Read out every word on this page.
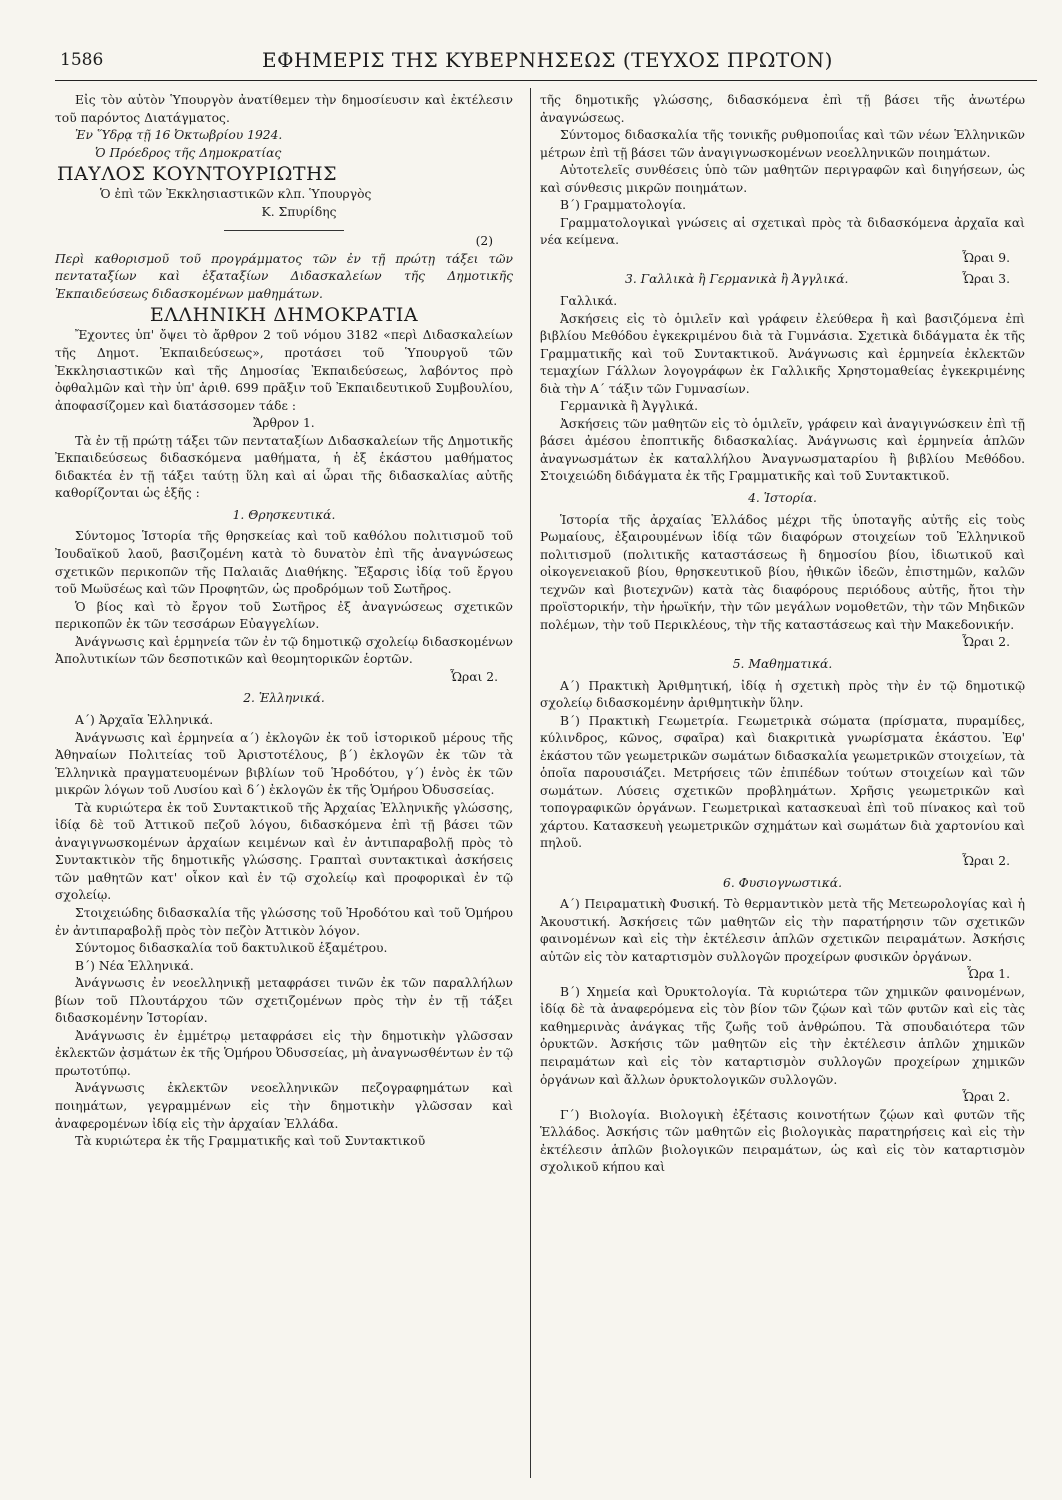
1586	ΕΦΗΜΕΡΙΣ ΤΗΣ ΚΥΒΕΡΝΗΣΕΩΣ (ΤΕΥΧΟΣ ΠΡΩΤΟΝ)

Εἰς τὸν αὐτὸν Ὑπουργὸν ἀνατίθεμεν τὴν δημοσίευσιν καὶ ἐκτέλεσιν τοῦ παρόντος Διατάγματος.

Ἐν Ὕδρᾳ τῇ 16 Ὀκτωβρίου 1924.

Ὁ Πρόεδρος τῆς Δημοκρατίας

ΠΑΥΛΟΣ ΚΟΥΝΤΟΥΡΙΩΤΗΣ

Ὁ ἐπὶ τῶν Ἐκκλησιαστικῶν κλπ. Ὑπουργὸς

Κ. Σπυρίδης

(2)

Περὶ καθορισμοῦ τοῦ προγράμματος τῶν ἐν τῇ πρώτῃ τάξει τῶν πενταταξίων καὶ ἑξαταξίων Διδασκαλείων τῆς Δημοτικῆς Ἐκπαιδεύσεως διδασκομένων μαθημάτων.

ΕΛΛΗΝΙΚΗ ΔΗΜΟΚΡΑΤΙΑ

Ἔχοντες ὑπ' ὄψει τὸ ἄρθρον 2 τοῦ νόμου 3182 «περὶ Διδασκαλείων τῆς Δημοτ. Ἐκπαιδεύσεως», προτάσει τοῦ Ὑπουργοῦ τῶν Ἐκκλησιαστικῶν καὶ τῆς Δημοσίας Ἐκπαιδεύσεως, λαβόντος πρὸ ὀφθαλμῶν καὶ τὴν ὑπ' ἀριθ. 699 πρᾶξιν τοῦ Ἐκπαιδευτικοῦ Συμβουλίου, ἀποφασίζομεν καὶ διατάσσομεν τάδε :

Ἄρθρον 1.

Τὰ ἐν τῇ πρώτῃ τάξει τῶν πενταταξίων Διδασκαλείων τῆς Δημοτικῆς Ἐκπαιδεύσεως διδασκόμενα μαθήματα, ἡ ἐξ ἑκάστου μαθήματος διδακτέα ἐν τῇ τάξει ταύτῃ ὕλη καὶ αἱ ὧραι τῆς διδασκαλίας αὐτῆς καθορίζονται ὡς ἑξῆς :

1. Θρησκευτικά.

Σύντομος Ἱστορία τῆς θρησκείας καὶ τοῦ καθόλου πολιτισμοῦ τοῦ Ἰουδαϊκοῦ λαοῦ, βασιζομένη κατὰ τὸ δυνατὸν ἐπὶ τῆς ἀναγνώσεως σχετικῶν περικοπῶν τῆς Παλαιᾶς Διαθήκης. Ἔξαρσις ἰδίᾳ τοῦ ἔργου τοῦ Μωϋσέως καὶ τῶν Προφητῶν, ὡς προδρόμων τοῦ Σωτῆρος.

Ὁ βίος καὶ τὸ ἔργον τοῦ Σωτῆρος ἐξ ἀναγνώσεως σχετικῶν περικοπῶν ἐκ τῶν τεσσάρων Εὐαγγελίων.

Ἀνάγνωσις καὶ ἑρμηνεία τῶν ἐν τῷ δημοτικῷ σχολείῳ διδασκομένων Ἀπολυτικίων τῶν δεσποτικῶν καὶ θεομητορικῶν ἑορτῶν.

Ὧραι 2.

2. Ἑλληνικά.

Α΄) Ἀρχαῖα Ἑλληνικά.

Ἀνάγνωσις καὶ ἑρμηνεία α΄) ἐκλογῶν ἐκ τοῦ ἱστορικοῦ μέρους τῆς Ἀθηναίων Πολιτείας τοῦ Ἀριστοτέλους, β΄) ἐκλογῶν ἐκ τῶν τὰ Ἑλληνικὰ πραγματευομένων βιβλίων τοῦ Ἡροδότου, γ΄) ἑνὸς ἐκ τῶν μικρῶν λόγων τοῦ Λυσίου καὶ δ΄) ἐκλογῶν ἐκ τῆς Ὁμήρου Ὀδυσσείας.

Τὰ κυριώτερα ἐκ τοῦ Συντακτικοῦ τῆς Ἀρχαίας Ἑλληνικῆς γλώσσης, ἰδίᾳ δὲ τοῦ Ἀττικοῦ πεζοῦ λόγου, διδασκόμενα ἐπὶ τῇ βάσει τῶν ἀναγιγνωσκομένων ἀρχαίων κειμένων καὶ ἐν ἀντιπαραβολῇ πρὸς τὸ Συντακτικὸν τῆς δημοτικῆς γλώσσης. Γραπταὶ συντακτικαὶ ἀσκήσεις τῶν μαθητῶν κατ' οἶκον καὶ ἐν τῷ σχολείῳ καὶ προφορικαὶ ἐν τῷ σχολείῳ.

Στοιχειώδης διδασκαλία τῆς γλώσσης τοῦ Ἡροδότου καὶ τοῦ Ὁμήρου ἐν ἀντιπαραβολῇ πρὸς τὸν πεζὸν Ἀττικὸν λόγον.

Σύντομος διδασκαλία τοῦ δακτυλικοῦ ἑξαμέτρου.

Β΄) Νέα Ἑλληνικά.

Ἀνάγνωσις ἐν νεοελληνικῇ μεταφράσει τινῶν ἐκ τῶν παραλλήλων βίων τοῦ Πλουτάρχου τῶν σχετιζομένων πρὸς τὴν ἐν τῇ τάξει διδασκομένην Ἱστορίαν.

Ἀνάγνωσις ἐν ἐμμέτρῳ μεταφράσει εἰς τὴν δημοτικὴν γλῶσσαν ἐκλεκτῶν ᾀσμάτων ἐκ τῆς Ὁμήρου Ὀδυσσείας, μὴ ἀναγνωσθέντων ἐν τῷ πρωτοτύπῳ.

Ἀνάγνωσις ἐκλεκτῶν νεοελληνικῶν πεζογραφημάτων καὶ ποιημάτων, γεγραμμένων εἰς τὴν δημοτικὴν γλῶσσαν καὶ ἀναφερομένων ἰδίᾳ εἰς τὴν ἀρχαίαν Ἑλλάδα.

Τὰ κυριώτερα ἐκ τῆς Γραμματικῆς καὶ τοῦ Συντακτικοῦ

τῆς δημοτικῆς γλώσσης, διδασκόμενα ἐπὶ τῇ βάσει τῆς ἀνωτέρω ἀναγνώσεως.

Σύντομος διδασκαλία τῆς τονικῆς ρυθμοποιΐας καὶ τῶν νέων Ἑλληνικῶν μέτρων ἐπὶ τῇ βάσει τῶν ἀναγιγνωσκομένων νεοελληνικῶν ποιημάτων.

Αὐτοτελεῖς συνθέσεις ὑπὸ τῶν μαθητῶν περιγραφῶν καὶ διηγήσεων, ὡς καὶ σύνθεσις μικρῶν ποιημάτων.

Β΄) Γραμματολογία.

Γραμματολογικαὶ γνώσεις αἱ σχετικαὶ πρὸς τὰ διδασκόμενα ἀρχαῖα καὶ νέα κείμενα.

Ὧραι 9.

3. Γαλλικὰ ἢ Γερμανικὰ ἢ Ἀγγλικά.	Ὧραι 3.

Γαλλικά.

Ἀσκήσεις εἰς τὸ ὁμιλεῖν καὶ γράφειν ἐλεύθερα ἢ καὶ βασιζόμενα ἐπὶ βιβλίου Μεθόδου ἐγκεκριμένου διὰ τὰ Γυμνάσια. Σχετικὰ διδάγματα ἐκ τῆς Γραμματικῆς καὶ τοῦ Συντακτικοῦ. Ἀνάγνωσις καὶ ἑρμηνεία ἐκλεκτῶν τεμαχίων Γάλλων λογογράφων ἐκ Γαλλικῆς Χρηστομαθείας ἐγκεκριμένης διὰ τὴν Α΄ τάξιν τῶν Γυμνασίων.

Γερμανικὰ ἢ Ἀγγλικά.

Ἀσκήσεις τῶν μαθητῶν εἰς τὸ ὁμιλεῖν, γράφειν καὶ ἀναγιγνώσκειν ἐπὶ τῇ βάσει ἀμέσου ἐποπτικῆς διδασκαλίας. Ἀνάγνωσις καὶ ἑρμηνεία ἁπλῶν ἀναγνωσμάτων ἐκ καταλλήλου Ἀναγνωσματαρίου ἢ βιβλίου Μεθόδου. Στοιχειώδη διδάγματα ἐκ τῆς Γραμματικῆς καὶ τοῦ Συντακτικοῦ.

4. Ἱστορία.

Ἱστορία τῆς ἀρχαίας Ἑλλάδος μέχρι τῆς ὑποταγῆς αὐτῆς εἰς τοὺς Ρωμαίους, ἐξαιρουμένων ἰδίᾳ τῶν διαφόρων στοιχείων τοῦ Ἑλληνικοῦ πολιτισμοῦ (πολιτικῆς καταστάσεως ἢ δημοσίου βίου, ἰδιωτικοῦ καὶ οἰκογενειακοῦ βίου, θρησκευτικοῦ βίου, ἠθικῶν ἰδεῶν, ἐπιστημῶν, καλῶν τεχνῶν καὶ βιοτεχνῶν) κατὰ τὰς διαφόρους περιόδους αὐτῆς, ἤτοι τὴν προϊστορικήν, τὴν ἡρωϊκήν, τὴν τῶν μεγάλων νομοθετῶν, τὴν τῶν Μηδικῶν πολέμων, τὴν τοῦ Περικλέους, τὴν τῆς καταστάσεως καὶ τὴν Μακεδονικήν.

Ὧραι 2.

5. Μαθηματικά.

Α΄) Πρακτικὴ Ἀριθμητική, ἰδίᾳ ἡ σχετικὴ πρὸς τὴν ἐν τῷ δημοτικῷ σχολείῳ διδασκομένην ἀριθμητικὴν ὕλην.

Β΄) Πρακτικὴ Γεωμετρία. Γεωμετρικὰ σώματα (πρίσματα, πυραμίδες, κύλινδρος, κῶνος, σφαῖρα) καὶ διακριτικὰ γνωρίσματα ἑκάστου. Ἐφ' ἑκάστου τῶν γεωμετρικῶν σωμάτων διδασκαλία γεωμετρικῶν στοιχείων, τὰ ὁποῖα παρουσιάζει. Μετρήσεις τῶν ἐπιπέδων τούτων στοιχείων καὶ τῶν σωμάτων. Λύσεις σχετικῶν προβλημάτων. Χρῆσις γεωμετρικῶν καὶ τοπογραφικῶν ὀργάνων. Γεωμετρικαὶ κατασκευαὶ ἐπὶ τοῦ πίνακος καὶ τοῦ χάρτου. Κατασκευὴ γεωμετρικῶν σχημάτων καὶ σωμάτων διὰ χαρτονίου καὶ πηλοῦ.

Ὧραι 2.

6. Φυσιογνωστικά.

Α΄) Πειραματικὴ Φυσική. Τὸ θερμαντικὸν μετὰ τῆς Μετεωρολογίας καὶ ἡ Ἀκουστική. Ἀσκήσεις τῶν μαθητῶν εἰς τὴν παρατήρησιν τῶν σχετικῶν φαινομένων καὶ εἰς τὴν ἐκτέλεσιν ἁπλῶν σχετικῶν πειραμάτων. Ἀσκήσις αὐτῶν εἰς τὸν καταρτισμὸν συλλογῶν προχείρων φυσικῶν ὀργάνων.

Ὧρα 1.

Β΄) Χημεία καὶ Ὀρυκτολογία. Τὰ κυριώτερα τῶν χημικῶν φαινομένων, ἰδίᾳ δὲ τὰ ἀναφερόμενα εἰς τὸν βίον τῶν ζῴων καὶ τῶν φυτῶν καὶ εἰς τὰς καθημερινὰς ἀνάγκας τῆς ζωῆς τοῦ ἀνθρώπου. Τὰ σπουδαιότερα τῶν ὀρυκτῶν. Ἀσκήσις τῶν μαθητῶν εἰς τὴν ἐκτέλεσιν ἁπλῶν χημικῶν πειραμάτων καὶ εἰς τὸν καταρτισμὸν συλλογῶν προχείρων χημικῶν ὀργάνων καὶ ἄλλων ὀρυκτολογικῶν συλλογῶν.

Ὧραι 2.

Γ΄) Βιολογία. Βιολογικὴ ἐξέτασις κοινοτήτων ζῴων καὶ φυτῶν τῆς Ἑλλάδος. Ἀσκήσις τῶν μαθητῶν εἰς βιολογικὰς παρατηρήσεις καὶ εἰς τὴν ἐκτέλεσιν ἁπλῶν βιολογικῶν πειραμάτων, ὡς καὶ εἰς τὸν καταρτισμὸν σχολικοῦ κήπου καὶ
